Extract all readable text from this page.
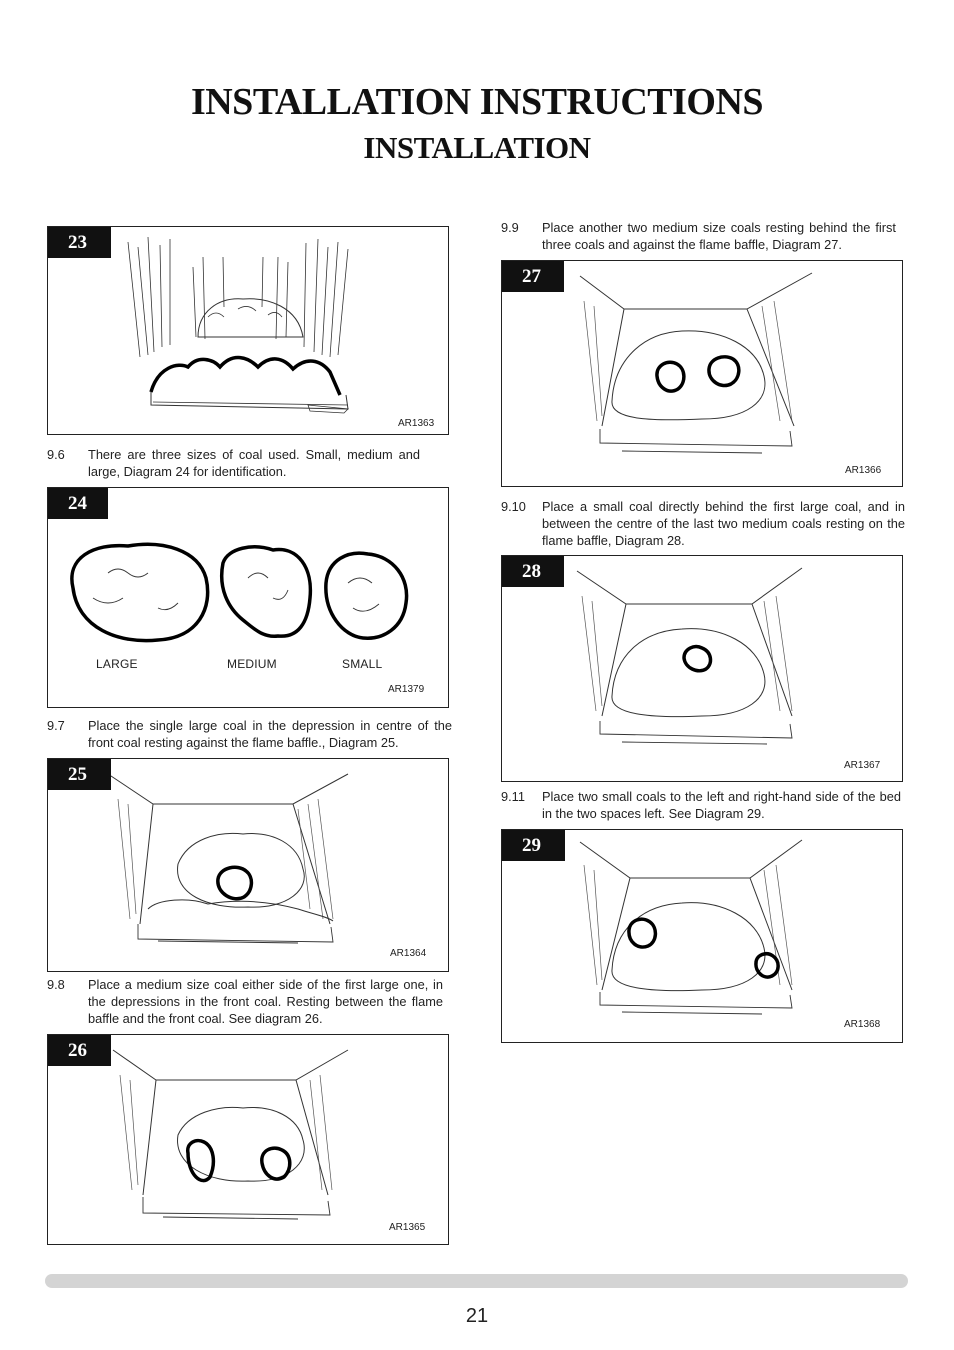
INSTALLATION INSTRUCTIONS
INSTALLATION
23
AR1363
9.6 There are three sizes of coal used. Small, medium and large, Diagram 24 for identification.
24
LARGE	MEDIUM	SMALL
AR1379
9.7 Place the single large coal in the depression in centre of the front coal resting against the flame baffle., Diagram 25.
25
AR1364
9.8 Place a medium size coal either side of the first large one, in the depressions in the front coal. Resting between the flame baffle and the front coal. See diagram 26.
26
AR1365
9.9 Place another two medium size coals resting behind the first three coals and against the flame baffle, Diagram 27.
27
AR1366
9.10 Place a small coal directly behind the first large coal, and in between the centre of the last two medium coals resting on the flame baffle, Diagram 28.
28
AR1367
9.11 Place two small coals to the left and right-hand side of the bed in the two spaces left. See Diagram 29.
29
AR1368
21
